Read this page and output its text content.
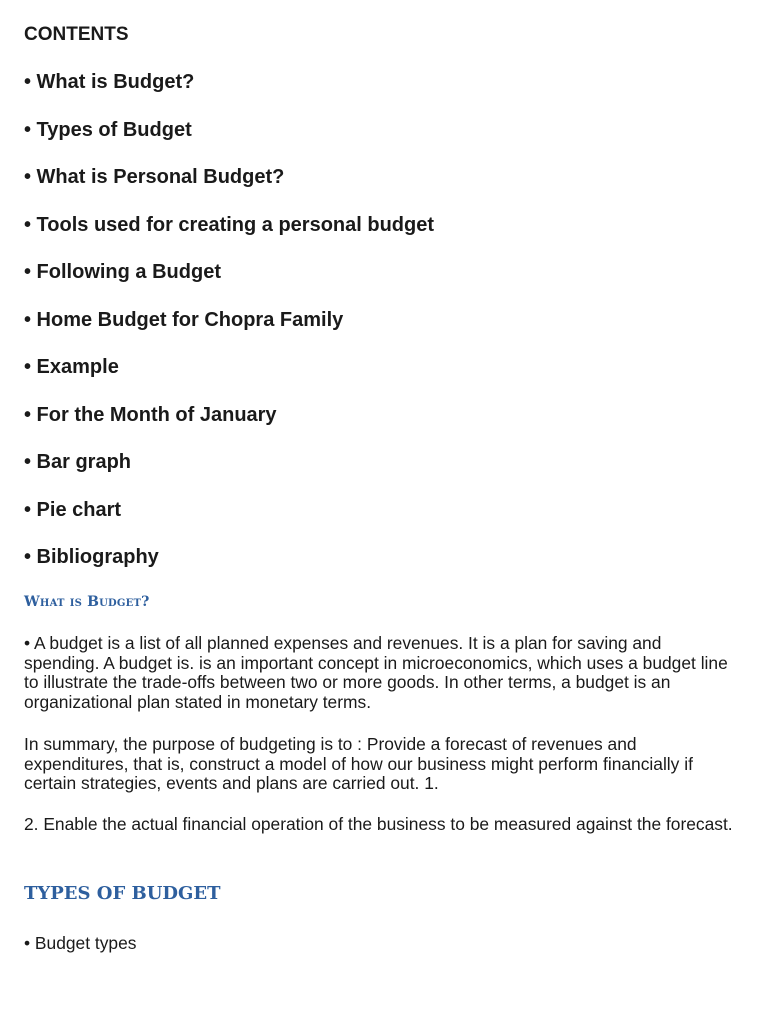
CONTENTS
• What is Budget?
• Types of Budget
• What is Personal Budget?
• Tools used for creating a personal budget
• Following a Budget
• Home Budget for Chopra Family
• Example
• For the Month of January
• Bar graph
• Pie chart
• Bibliography
What is Budget?

• A budget is a list of all planned expenses and revenues. It is a plan for saving and spending. A budget is. is an important concept in microeconomics, which uses a budget line to illustrate the trade-offs between two or more goods. In other terms, a budget is an organizational plan stated in monetary terms.

In summary, the purpose of budgeting is to : Provide a forecast of revenues and expenditures, that is, construct a model of how our business might perform financially if certain strategies, events and plans are carried out. 1.

2. Enable the actual financial operation of the business to be measured against the forecast.

TYPES OF BUDGET

• Budget types
